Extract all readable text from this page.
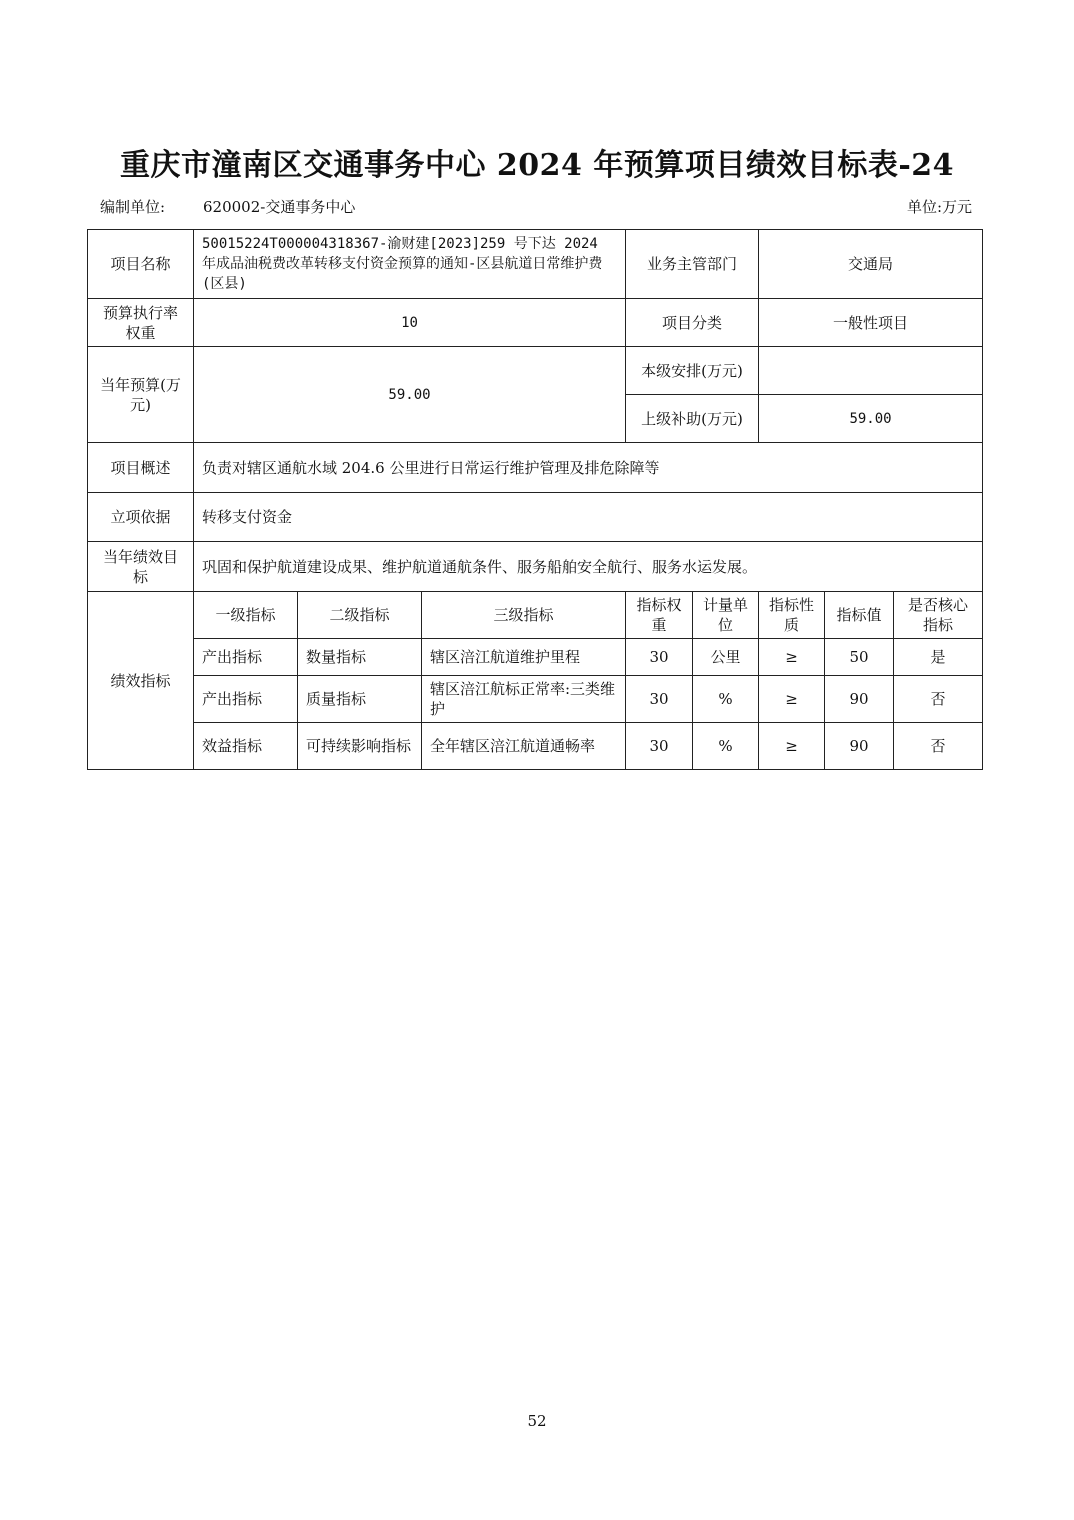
重庆市潼南区交通事务中心 2024 年预算项目绩效目标表-24
编制单位:	620002-交通事务中心	单位:万元
项目名称	50015224T000004318367-渝财建[2023]259 号下达 2024 年成品油税费改革转移支付资金预算的通知-区县航道日常维护费(区县)			业务主管部门		交通局		
预算执行率权重	10			项目分类		一般性项目		
当年预算(万元)	59.00			本级安排(万元)				
				上级补助(万元)		59.00		
项目概述	负责对辖区通航水域 204.6 公里进行日常运行维护管理及排危除障等							
立项依据	转移支付资金							
当年绩效目标	巩固和保护航道建设成果、维护航道通航条件、服务船舶安全航行、服务水运发展。							
绩效指标	一级指标	二级指标	三级指标	指标权重	计量单位	指标性质	指标值	是否核心指标
	产出指标	数量指标	辖区涪江航道维护里程	30	公里	≥	50	是
	产出指标	质量指标	辖区涪江航标正常率:三类维护	30	%	≥	90	否
	效益指标	可持续影响指标	全年辖区涪江航道通畅率	30	%	≥	90	否
52
